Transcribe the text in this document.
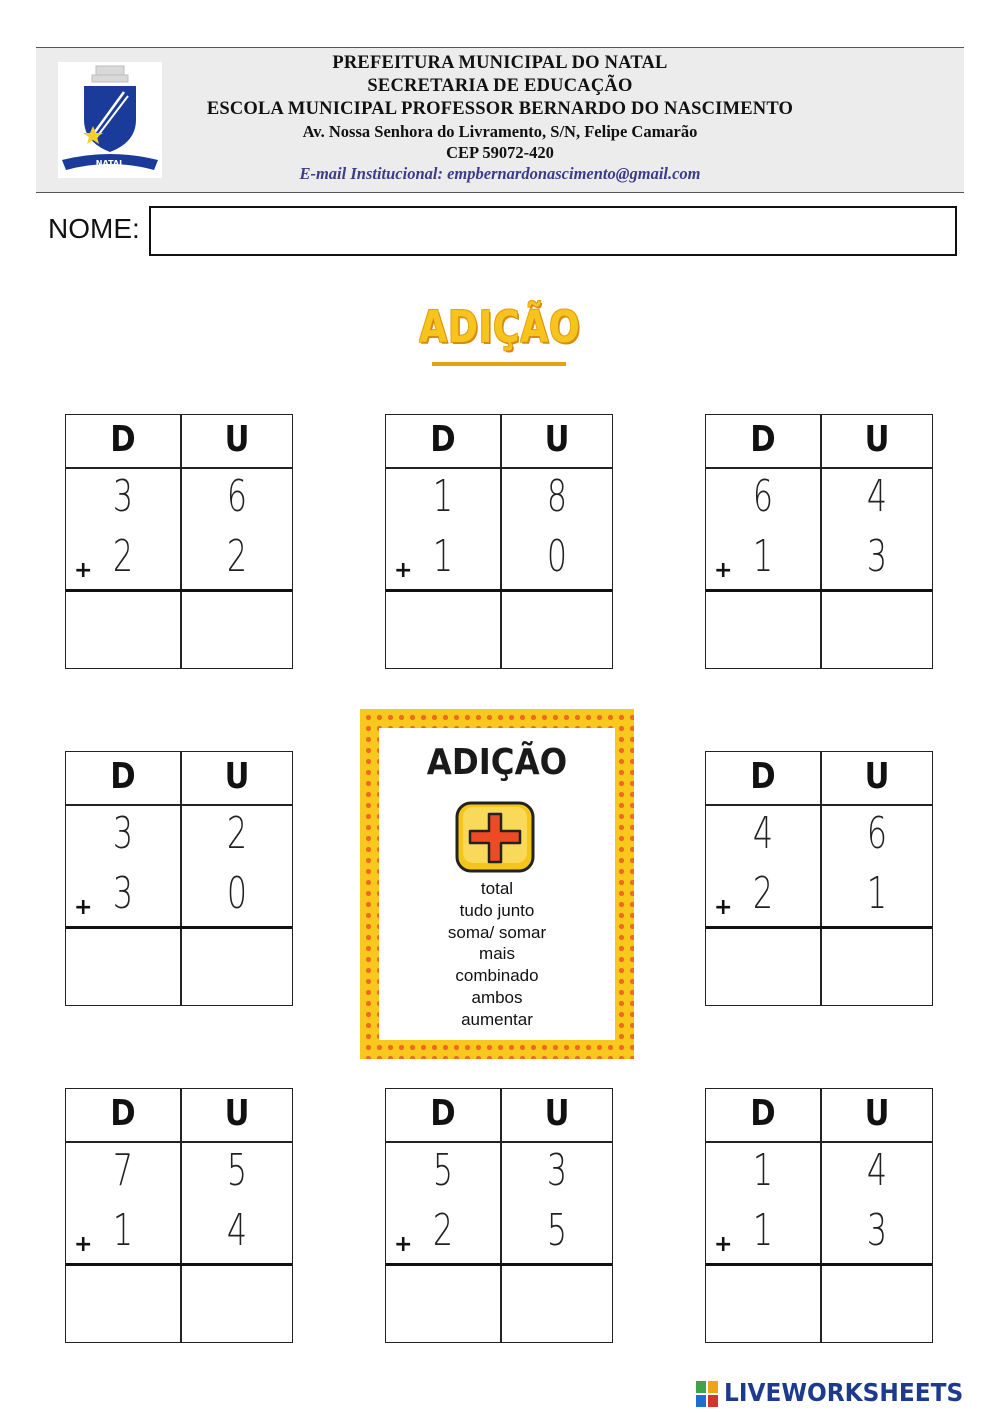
NATAL
PREFEITURA MUNICIPAL DO NATAL
SECRETARIA DE EDUCAÇÃO
ESCOLA MUNICIPAL PROFESSOR BERNARDO DO NASCIMENTO
Av. Nossa Senhora do Livramento, S/N, Felipe Camarão
CEP 59072-420
E-mail Institucional: empbernardonascimento@gmail.com
NOME:
ADIÇÃO
D	U
3	6
2	2
+
D	U
1	8
1	0
+
D	U
6	4
1	3
+
D	U
3	2
3	0
+
D	U
4	6
2	1
+
D	U
7	5
1	4
+
D	U
5	3
2	5
+
D	U
1	4
1	3
+
ADIÇÃO
total
tudo junto
soma/ somar
mais
combinado
ambos
aumentar
LIVEWORKSHEETS
